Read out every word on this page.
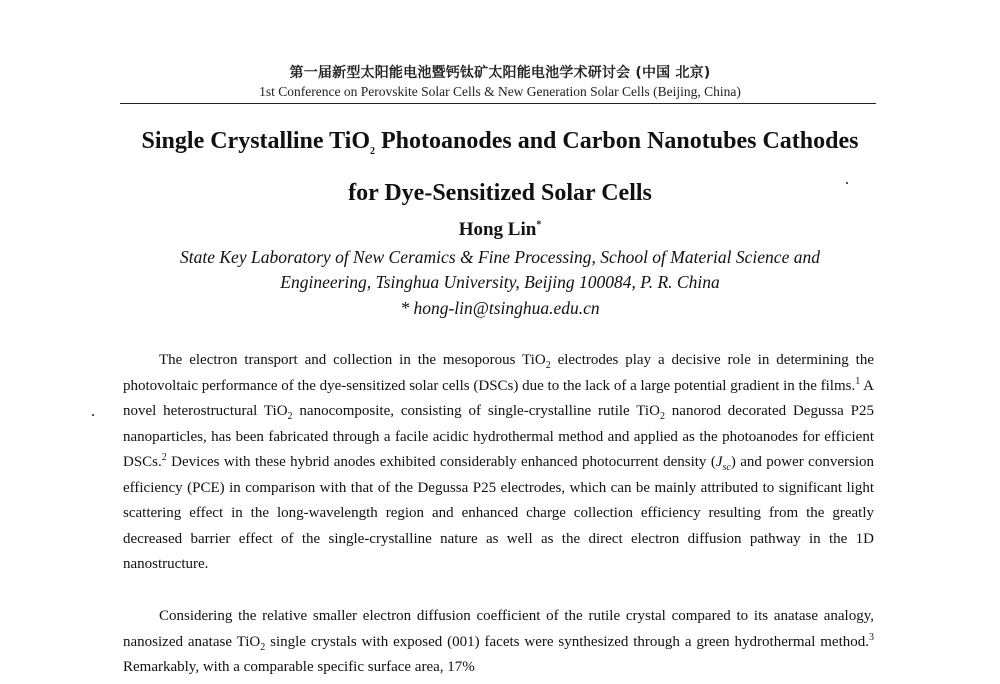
第一届新型太阳能电池暨钙钛矿太阳能电池学术研讨会 (中国 北京)
1st Conference on Perovskite Solar Cells & New Generation Solar Cells (Beijing, China)
Single Crystalline TiO$_2$ Photoanodes and Carbon Nanotubes Cathodes
for Dye-Sensitized Solar Cells
Hong Lin*
State Key Laboratory of New Ceramics & Fine Processing, School of Material Science and
Engineering, Tsinghua University, Beijing 100084, P. R. China
* hong-lin@tsinghua.edu.cn
The electron transport and collection in the mesoporous TiO$_2$ electrodes play a decisive role in determining the photovoltaic performance of the dye-sensitized solar cells (DSCs) due to the lack of a large potential gradient in the films.$^1$ A novel heterostructural TiO$_2$ nanocomposite, consisting of single-crystalline rutile TiO$_2$ nanorod decorated Degussa P25 nanoparticles, has been fabricated through a facile acidic hydrothermal method and applied as the photoanodes for efficient DSCs.$^2$ Devices with these hybrid anodes exhibited considerably enhanced photocurrent density $(J_{sc})$ and power conversion efficiency (PCE) in comparison with that of the Degussa P25 electrodes, which can be mainly attributed to significant light scattering effect in the long-wavelength region and enhanced charge collection efficiency resulting from the greatly decreased barrier effect of the single-crystalline nature as well as the direct electron diffusion pathway in the 1D nanostructure.
Considering the relative smaller electron diffusion coefficient of the rutile crystal compared to its anatase analogy, nanosized anatase TiO$_2$ single crystals with exposed (001) facets were synthesized through a green hydrothermal method.$^3$ Remarkably, with a comparable specific surface area, 17%
